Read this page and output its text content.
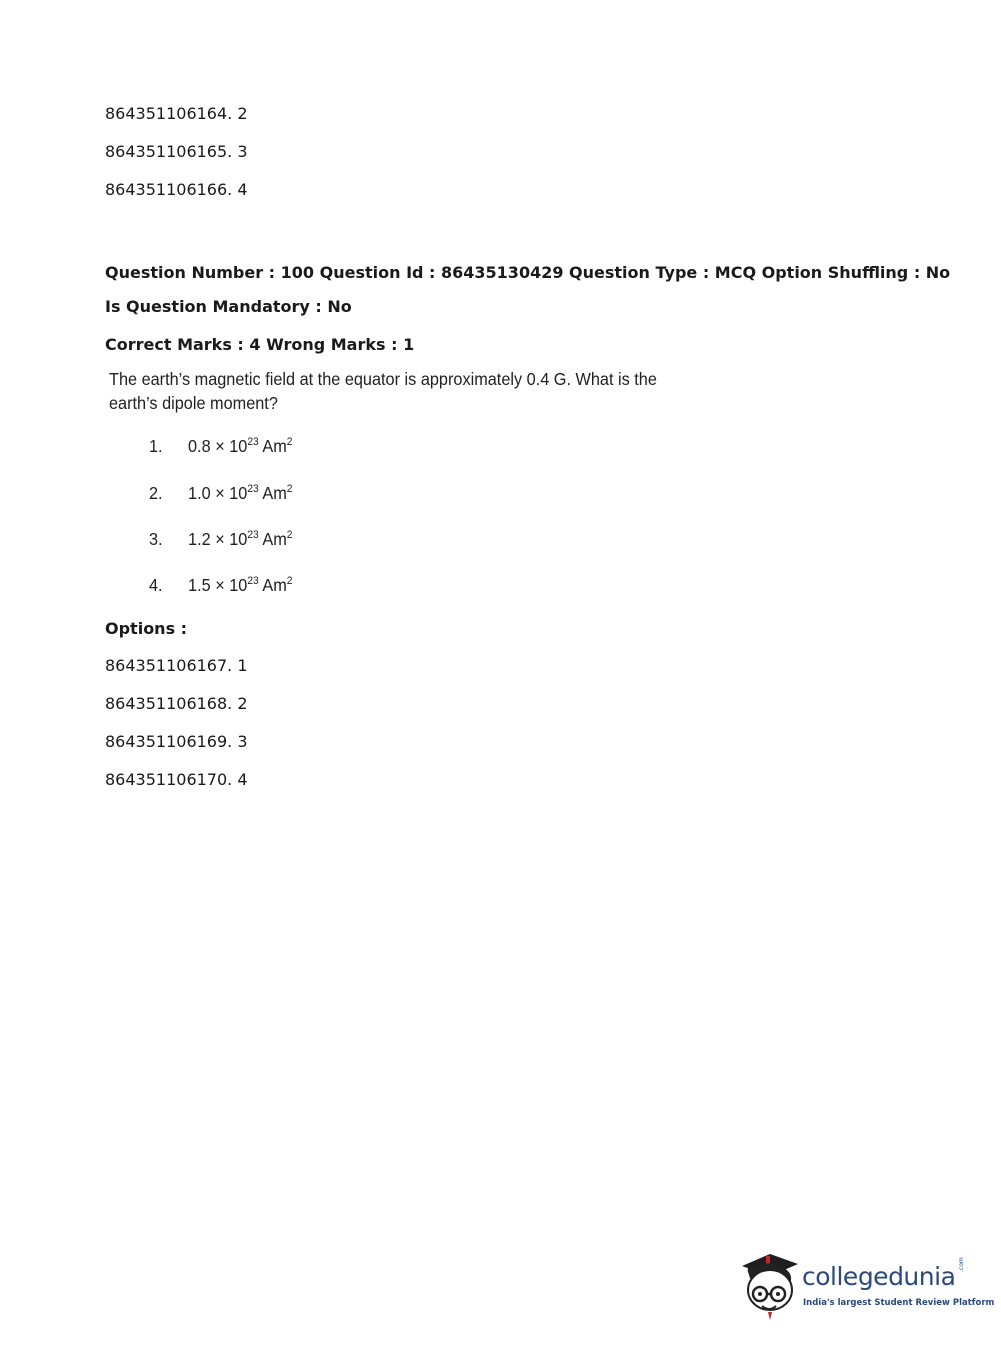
864351106164. 2
864351106165. 3
864351106166. 4
Question Number : 100 Question Id : 86435130429 Question Type : MCQ Option Shuffling : No
Is Question Mandatory : No
Correct Marks : 4 Wrong Marks : 1
The earth’s magnetic field at the equator is approximately 0.4 G. What is the earth’s dipole moment?
1. $0.8 \times 10^{23}$ Am$^2$
2. $1.0 \times 10^{23}$ Am$^2$
3. $1.2 \times 10^{23}$ Am$^2$
4. $1.5 \times 10^{23}$ Am$^2$
Options :
864351106167. 1
864351106168. 2
864351106169. 3
864351106170. 4
collegedunia .com
India's largest Student Review Platform
